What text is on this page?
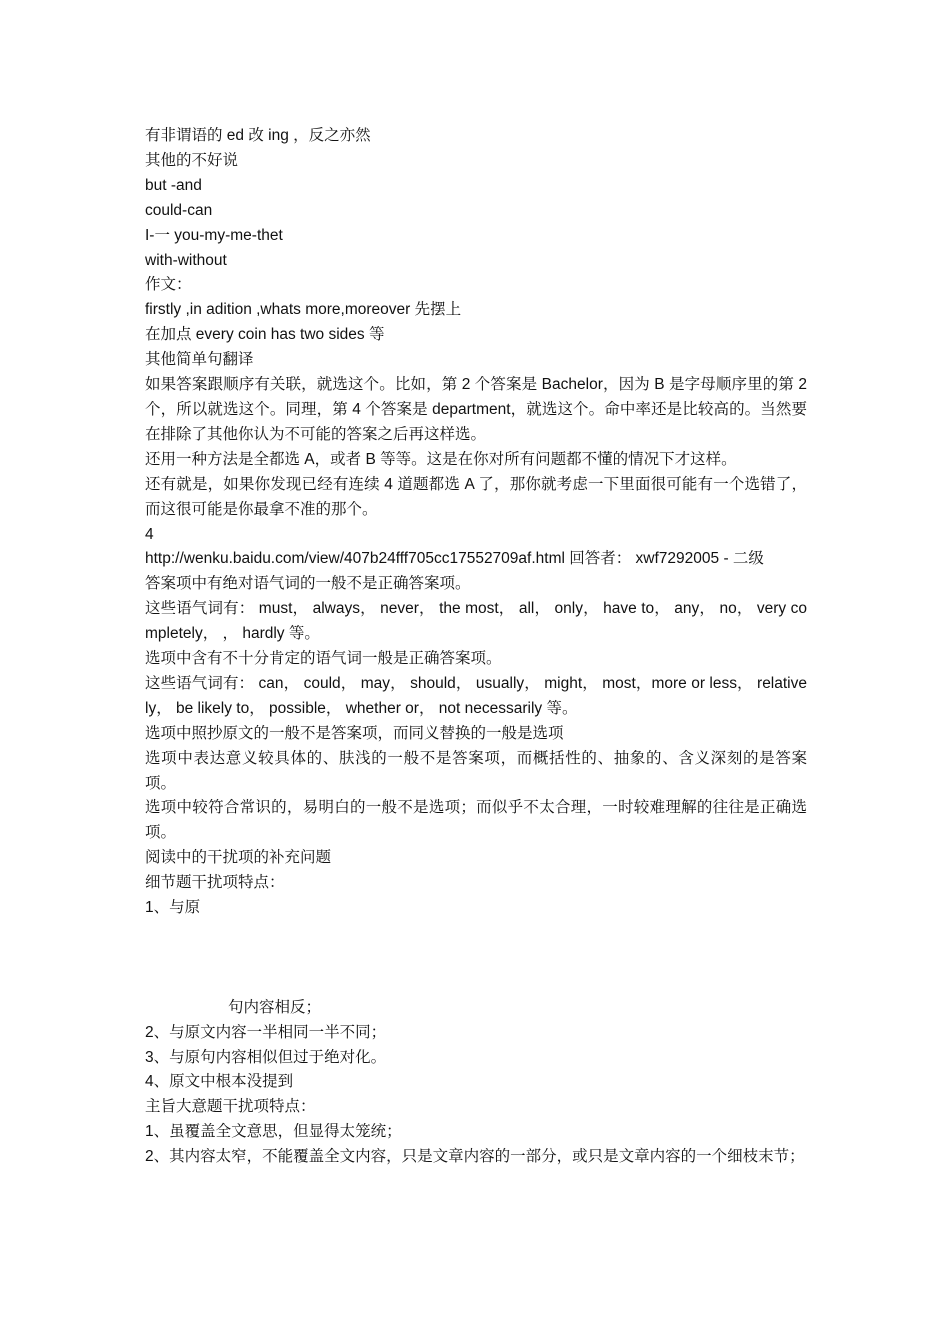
有非谓语的 ed 改 ing ，反之亦然

其他的不好说

but -and

could-can

I-一 you-my-me-thet

with-without

作文：

firstly ,in adition ,whats more,moreover 先摆上

在加点 every coin has two sides 等

其他简单句翻译

如果答案跟顺序有关联，就选这个。比如，第 2 个答案是 Bachelor，因为 B 是字母顺序里的第 2 个，所以就选这个。同理，第 4 个答案是 department，就选这个。命中率还是比较高的。当然要在排除了其他你认为不可能的答案之后再这样选。

还用一种方法是全都选 A，或者 B 等等。这是在你对所有问题都不懂的情况下才这样。

还有就是，如果你发现已经有连续 4 道题都选 A 了，那你就考虑一下里面很可能有一个选错了，而这很可能是你最拿不准的那个。

4

http://wenku.baidu.com/view/407b24fff705cc17552709af.html 回答者： xwf7292005 - 二级

答案项中有绝对语气词的一般不是正确答案项。

这些语气词有： must， always， never， the most， all， only， have to， any， no， very completely， ， hardly 等。

选项中含有不十分肯定的语气词一般是正确答案项。

这些语气词有： can， could， may， should， usually， might， most，more or less， relatively， be likely to， possible， whether or， not necessarily 等。

选项中照抄原文的一般不是答案项，而同义替换的一般是选项

选项中表达意义较具体的、肤浅的一般不是答案项，而概括性的、抽象的、含义深刻的是答案项。

选项中较符合常识的，易明白的一般不是选项；而似乎不太合理，一时较难理解的往往是正确选项。

阅读中的干扰项的补充问题

细节题干扰项特点：

1、与原

句内容相反；

2、与原文内容一半相同一半不同；

3、与原句内容相似但过于绝对化。

4、原文中根本没提到

主旨大意题干扰项特点：

1、虽覆盖全文意思，但显得太笼统；

2、其内容太窄，不能覆盖全文内容，只是文章内容的一部分，或只是文章内容的一个细枝末节；
